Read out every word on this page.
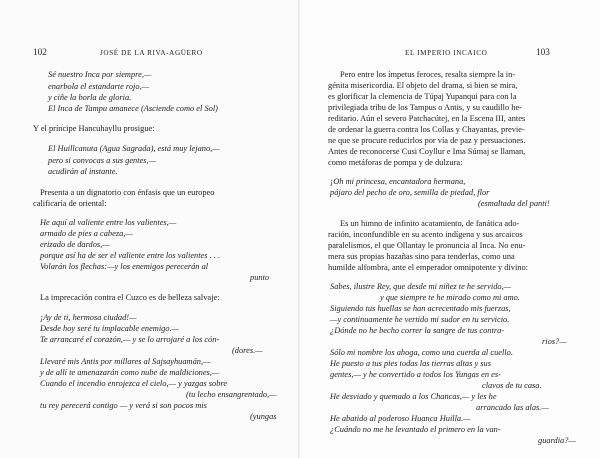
102	JOSÉ DE LA RIVA-AGÜERO
Sé nuestro Inca por siempre,—
enarbola el estandarte rojo,—
y ciñe la borla de gloria.
El Inca de Tampu amanece (Asciende como el Sol)
Y el príncipe Hancuhayllu prosigue:
El Huillcanuta (Agua Sagrada), está muy lejano,—
pero si convocas a sus gentes,—
acudirán al instante.
Presenta a un dignatorio con énfasis que un europeo
calificaría de oriental:
He aquí al valiente entre los valientes,—
armado de pies a cabeza,—
erizado de dardos,—
porque así ha de ser el valiente entre los valientes . . .
Volarán los flechas:—y los enemigos perecerán al
punto
La imprecación contra el Cuzco es de belleza salvaje:
¡Ay de ti, hermosa ciudad!—
Desde hoy seré tu implacable enemigo.—
Te arrancaré el corazón,— y se lo arrojaré a los cón-
(dores.—
Llevaré mis Antis por millares al Sajsayhuamán,—
y de allí te amenazarán como nube de maldiciones,—
Cuando el incendio enrojezca el cielo,— y yazgas sobre
(tu lecho ensangrentado,—
tu rey perecerá contigo — y verá si son pocos mis
(yungas
EL IMPERIO INCAICO	103
Pero entre los ímpetus feroces, resalta siempre la in-
génita misericordia. El objeto del drama, si bien se mira,
es glorificar la clemencia de Túpaj Yupanqui para con la
privilegiada tribu de los Tampus o Antis, y su caudillo he-
reditario. Aún el severo Patchacútej, en la Escena III, antes
de ordenar la guerra contra los Collas y Chayantas, previe-
ne que se procure reducirlos por vía de paz y persuaciones.
Antes de reconocerse Cusi Coyllur e Ima Súmaj se llaman,
como metáforas de pompa y de dulzura:
¡Oh mi princesa, encantadora hermana,
pájaro del pecho de oro, semilla de piedad, flor
(esmaltada del panti!
Es un himno de infinito acatamiento, de fanática ado-
ración, inconfundible en su acento indígena y sus arcaicos
paralelismos, el que Ollantay le pronuncia al Inca. No enu-
mera sus propias hazañas sino para tenderlas, como una
humilde alfombra, ante el emperador omnipotente y divino:
Sabes, ilustre Rey, que desde mi niñez te he servido,—
y que siempre te he mirado como mi amo.
Siguiendo tus huellas se han acrecentado mis fuerzas,
—y continuamente he vertido mi sudor en tu servicio.
¿Dónde no he becho correr la sangre de tus contra-
rios?—
Sólo mi nombre los ahoga, como una cuerda al cuello.
He puesto a tus pies todas las tierras altas y sus
gentes,— y he convertido a todos los Yungas en es-
clavos de tu casa.
He desviado y quemado a los Chancas,— y les he
arrancado las alas.—
He abatido al poderoso Huanca Huilla.—
¿Cuándo no me he levantado el primero en la van-
guardia?—
